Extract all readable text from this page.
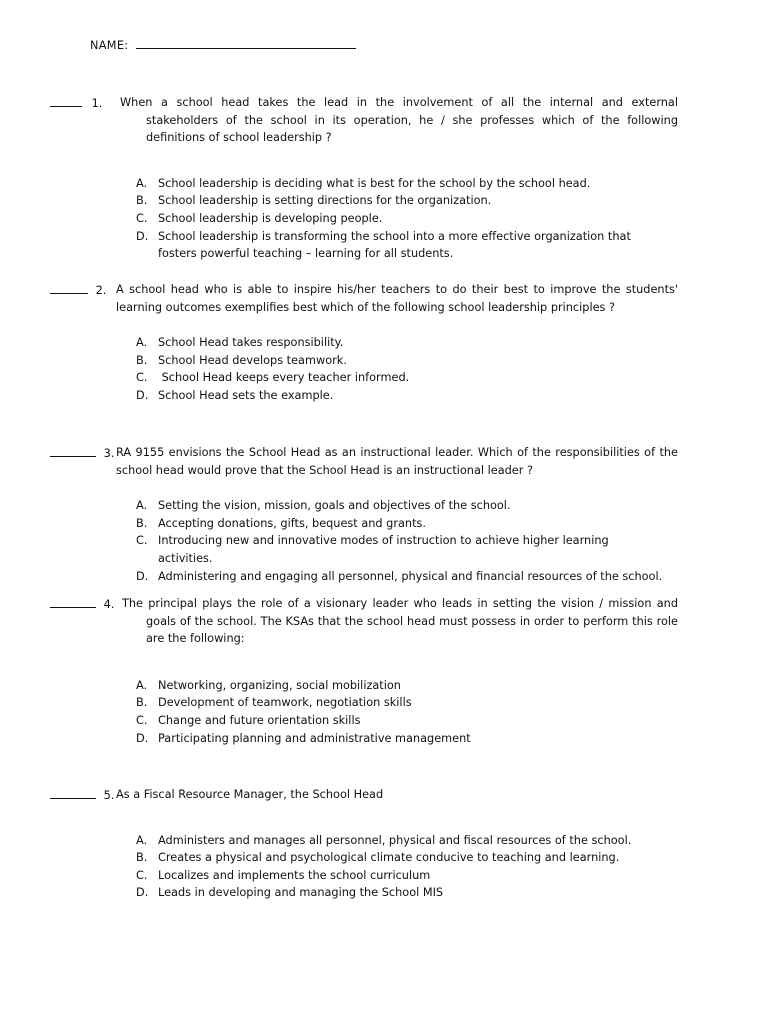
NAME:
1. When a school head takes the lead in the involvement of all the internal and external stakeholders of the school in its operation, he / she professes which of the following definitions of school leadership ?
A. School leadership is deciding what is best for the school by the school head.
B. School leadership is setting directions for the organization.
C. School leadership is developing people.
D. School leadership is transforming the school into a more effective organization that fosters powerful teaching – learning for all students.
2. A school head who is able to inspire his/her teachers to do their best to improve the students' learning outcomes exemplifies best which of the following school leadership principles ?
A. School Head takes responsibility.
B. School Head develops teamwork.
C. School Head keeps every teacher informed.
D. School Head sets the example.
3. RA 9155 envisions the School Head as an instructional leader. Which of the responsibilities of the school head would prove that the School Head is an instructional leader ?
A. Setting the vision, mission, goals and objectives of the school.
B. Accepting donations, gifts, bequest and grants.
C. Introducing new and innovative modes of instruction to achieve higher learning activities.
D. Administering and engaging all personnel, physical and financial resources of the school.
4. The principal plays the role of a visionary leader who leads in setting the vision / mission and goals of the school. The KSAs that the school head must possess in order to perform this role are the following:
A. Networking, organizing, social mobilization
B. Development of teamwork, negotiation skills
C. Change and future orientation skills
D. Participating planning and administrative management
5. As a Fiscal Resource Manager, the School Head
A. Administers and manages all personnel, physical and fiscal resources of the school.
B. Creates a physical and psychological climate conducive to teaching and learning.
C. Localizes and implements the school curriculum
D. Leads in developing and managing the School MIS
